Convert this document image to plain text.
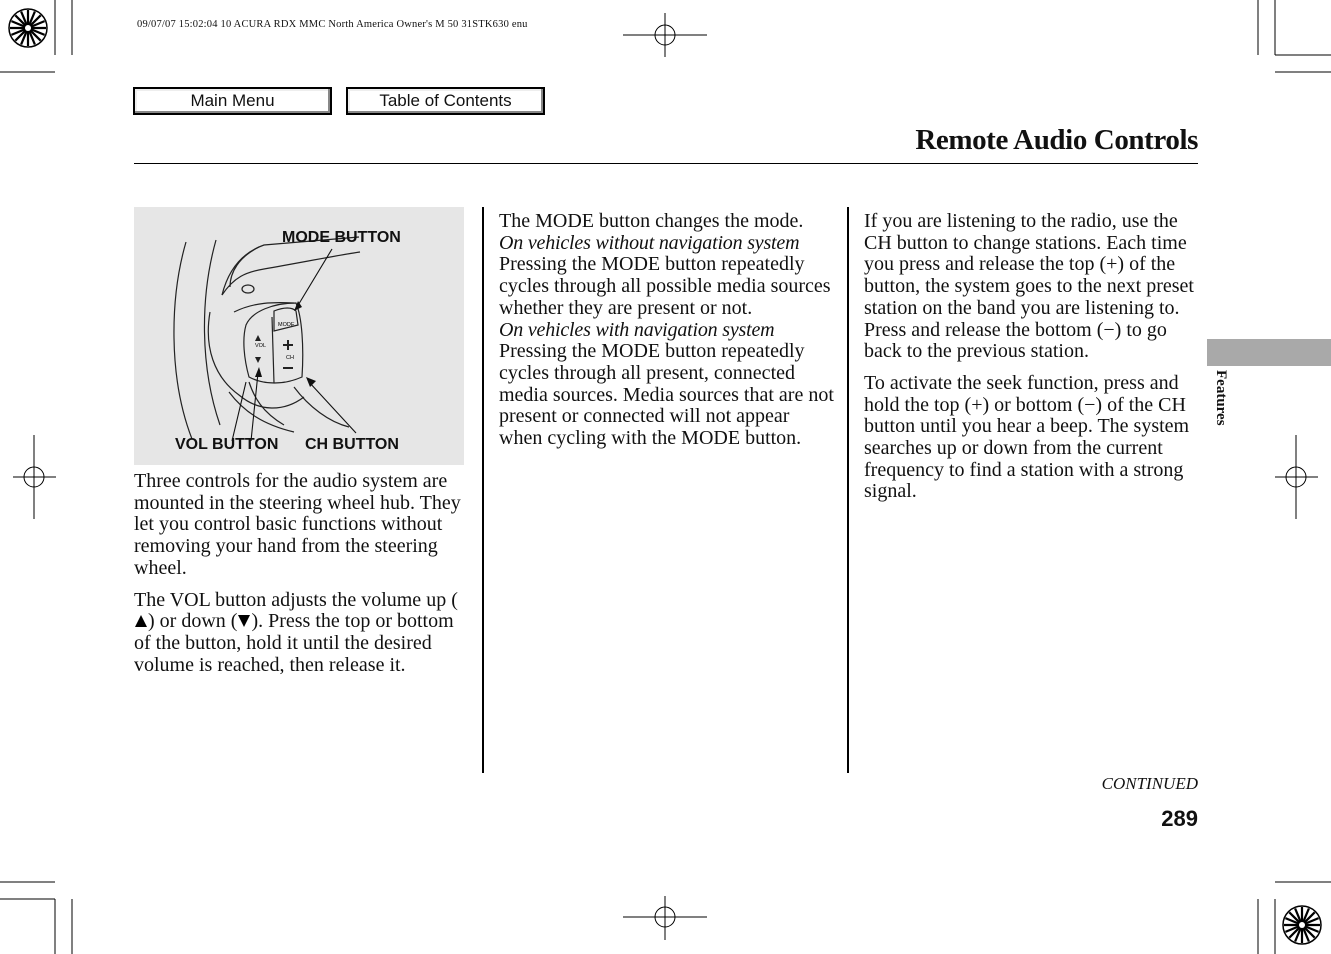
09/07/07 15:02:04 10 ACURA RDX MMC North America Owner's M 50 31STK630 enu
Main Menu	Table of Contents
Remote Audio Controls
MODE
VOL
CH
MODE BUTTON
VOL BUTTON CH BUTTON

Three controls for the audio system are mounted in the steering wheel hub. They let you control basic functions without removing your hand from the steering wheel.

The VOL button adjusts the volume up () or down ( ). Press the top or bottom of the button, hold it until the desired volume is reached, then release it.

The MODE button changes the mode.
On vehicles without navigation system
Pressing the MODE button repeatedly cycles through all possible media sources whether they are present or not.
On vehicles with navigation system
Pressing the MODE button repeatedly cycles through all present, connected media sources. Media sources that are not present or connected will not appear when cycling with the MODE button.

If you are listening to the radio, use the CH button to change stations. Each time you press and release the top (+) of the button, the system goes to the next preset station on the band you are listening to. Press and release the bottom (−) to go back to the previous station.

To activate the seek function, press and hold the top (+) or bottom (−) of the CH button until you hear a beep. The system searches up or down from the current frequency to find a station with a strong signal.

Features
CONTINUED
289
